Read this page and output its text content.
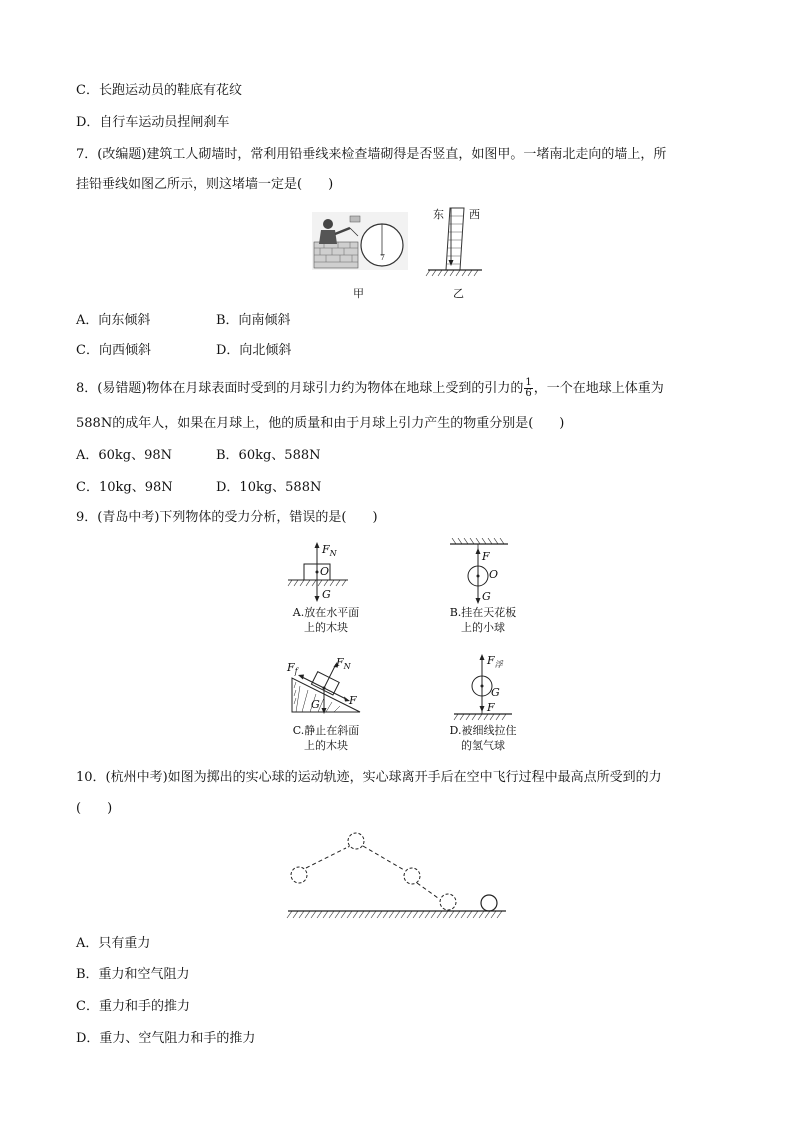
C．长跑运动员的鞋底有花纹
D．自行车运动员捏闸刹车
7．(改编题)建筑工人砌墙时，常利用铅垂线来检查墙砌得是否竖直，如图甲。一堵南北走向的墙上，所
挂铅垂线如图乙所示，则这堵墙一定是(　　)
7
甲
东 西
乙
A．向东倾斜	B．向南倾斜
C．向西倾斜	D．向北倾斜
8．(易错题)物体在月球表面时受到的月球引力约为物体在地球上受到的引力的 $\frac{1}{6}$ ，一个在地球上体重为
588N的成年人，如果在月球上，他的质量和由于月球上引力产生的物重分别是(　　)
A．60kg、98N	B．60kg、588N
C．10kg、98N	D．10kg、588N
9．(青岛中考)下列物体的受力分析，错误的是(　　)
$F_N$
O
G
A.放在水平面
上的木块
F
O
G
B.挂在天花板
上的小球
$F_f$
$F_N$
F
G
C.静止在斜面
上的木块
$F_浮$
G
F
D.被细线拉住
的氢气球
10．(杭州中考)如图为掷出的实心球的运动轨迹，实心球离开手后在空中飞行过程中最高点所受到的力
(　　)
A．只有重力
B．重力和空气阻力
C．重力和手的推力
D．重力、空气阻力和手的推力
